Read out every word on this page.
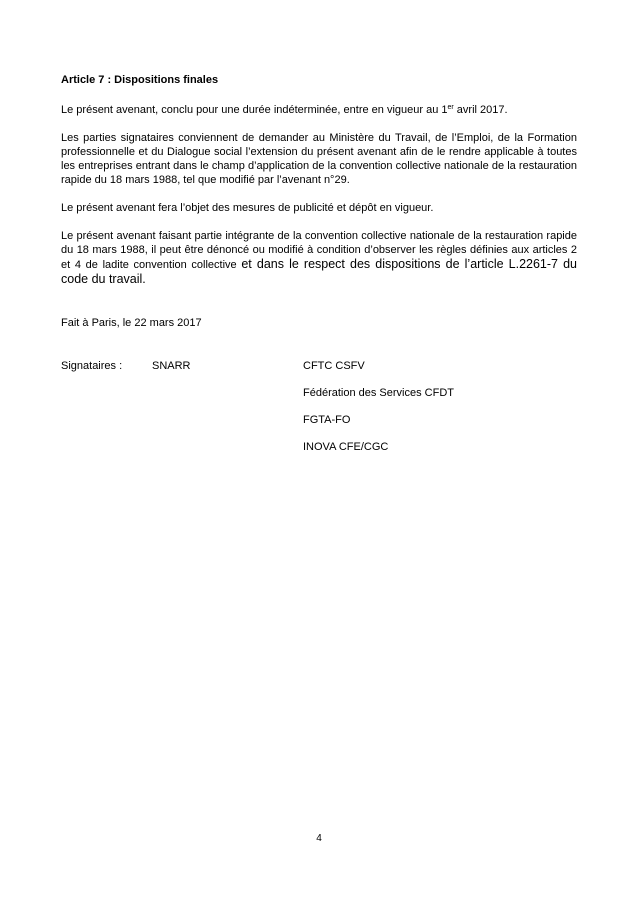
Article 7 : Dispositions finales

Le présent avenant, conclu pour une durée indéterminée, entre en vigueur au 1er avril 2017.

Les parties signataires conviennent de demander au Ministère du Travail, de l’Emploi, de la Formation professionnelle et du Dialogue social l’extension du présent avenant afin de le rendre applicable à toutes les entreprises entrant dans le champ d’application de la convention collective nationale de la restauration rapide du 18 mars 1988, tel que modifié par l’avenant n°29.

Le présent avenant fera l’objet des mesures de publicité et dépôt en vigueur.

Le présent avenant faisant partie intégrante de la convention collective nationale de la restauration rapide du 18 mars 1988, il peut être dénoncé ou modifié à condition d’observer les règles définies aux articles 2 et 4 de ladite convention collective et dans le respect des dispositions de l’article L.2261-7 du code du travail.

Fait à Paris, le 22 mars 2017

Signataires :	SNARR	CFTC CSFV
Fédération des Services CFDT
FGTA-FO
INOVA CFE/CGC
4
